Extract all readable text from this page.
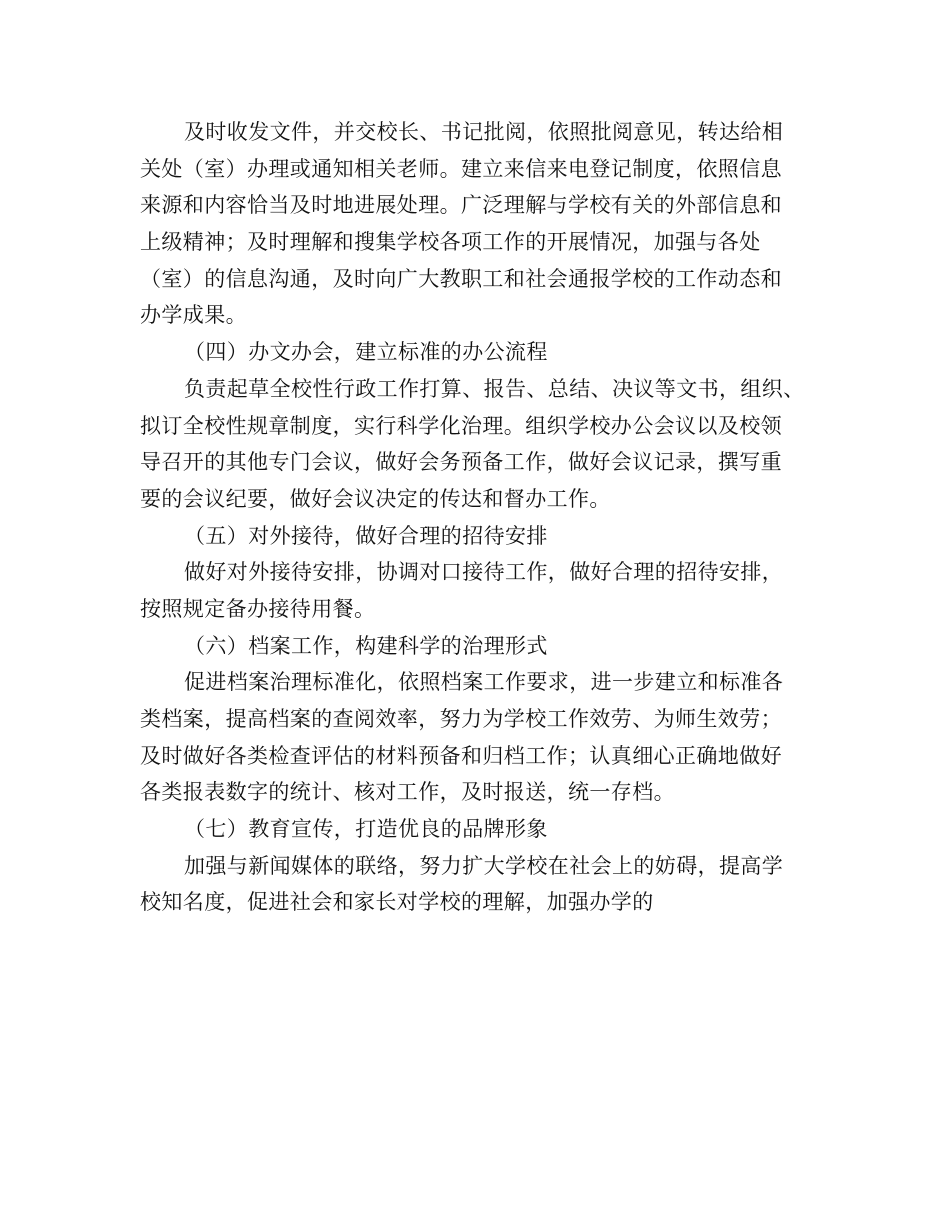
及时收发文件，并交校长、书记批阅，依照批阅意见，转达给相
关处（室）办理或通知相关老师。建立来信来电登记制度，依照信息
来源和内容恰当及时地进展处理。广泛理解与学校有关的外部信息和
上级精神；及时理解和搜集学校各项工作的开展情况，加强与各处
（室）的信息沟通，及时向广大教职工和社会通报学校的工作动态和
办学成果。
（四）办文办会，建立标准的办公流程
负责起草全校性行政工作打算、报告、总结、决议等文书，组织、
拟订全校性规章制度，实行科学化治理。组织学校办公会议以及校领
导召开的其他专门会议，做好会务预备工作，做好会议记录，撰写重
要的会议纪要，做好会议决定的传达和督办工作。
（五）对外接待，做好合理的招待安排
做好对外接待安排，协调对口接待工作，做好合理的招待安排，
按照规定备办接待用餐。
（六）档案工作，构建科学的治理形式
促进档案治理标准化，依照档案工作要求，进一步建立和标准各
类档案，提高档案的查阅效率，努力为学校工作效劳、为师生效劳；
及时做好各类检查评估的材料预备和归档工作；认真细心正确地做好
各类报表数字的统计、核对工作，及时报送，统一存档。
（七）教育宣传，打造优良的品牌形象
加强与新闻媒体的联络，努力扩大学校在社会上的妨碍，提高学
校知名度，促进社会和家长对学校的理解，加强办学的
